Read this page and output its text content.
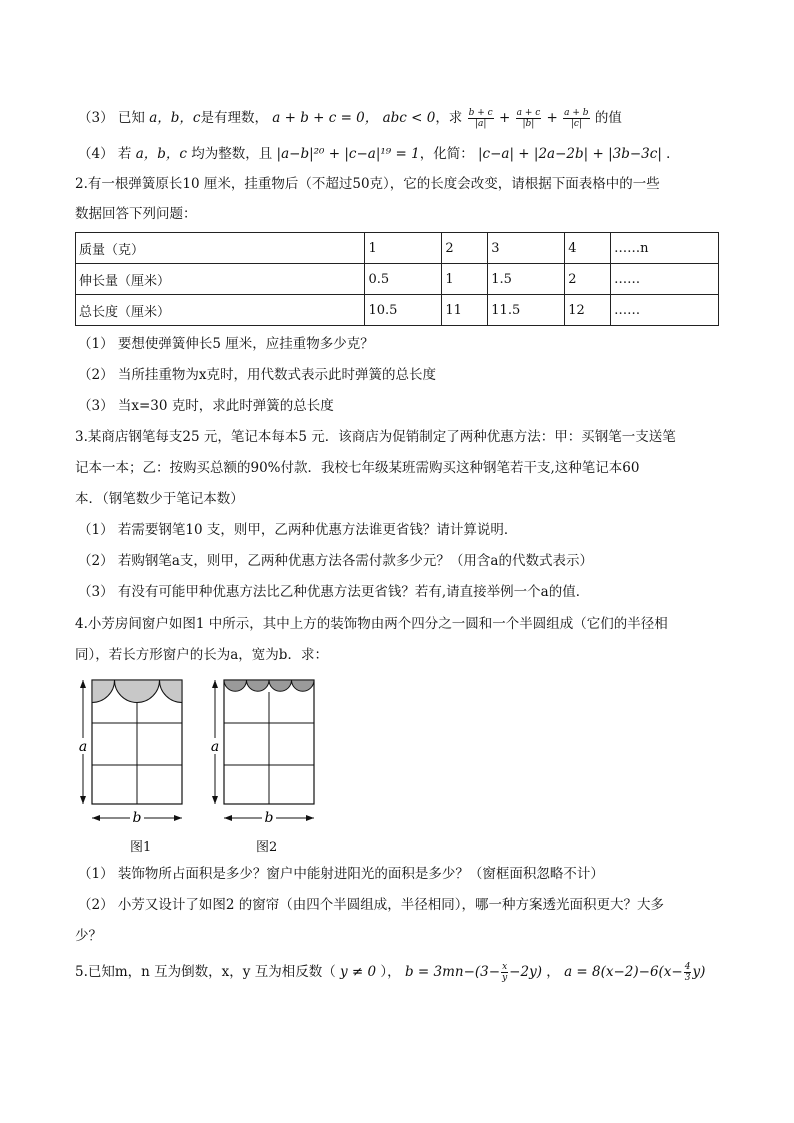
（3） 已知 a，b，c是有理数， a + b + c = 0， abc < 0，求 $\frac{b + c}{|a|} + \frac{a + c}{|b|} + \frac{a + b}{|c|}$ 的值
（4） 若 a，b，c 均为整数，且 |a−b|²⁰ + |c−a|¹⁹ = 1，化简： |c−a| + |2a−2b| + |3b−3c| ．
2.有一根弹簧原长10 厘米，挂重物后（不超过50克），它的长度会改变，请根据下面表格中的一些
数据回答下列问题：
质量（克）	1	2	3	4	……n
伸长量（厘米）	0.5	1	1.5	2	……
总长度（厘米）	10.5	11	11.5	12	……
（1） 要想使弹簧伸长5 厘米，应挂重物多少克？
（2） 当所挂重物为x克时，用代数式表示此时弹簧的总长度
（3） 当x=30 克时，求此时弹簧的总长度
3.某商店钢笔每支25 元，笔记本每本5 元．该商店为促销制定了两种优惠方法：甲：买钢笔一支送笔
记本一本；乙：按购买总额的90%付款．我校七年级某班需购买这种钢笔若干支,这种笔记本60
本．（钢笔数少于笔记本数）
（1） 若需要钢笔10 支，则甲，乙两种优惠方法谁更省钱？请计算说明．
（2） 若购钢笔a支，则甲，乙两种优惠方法各需付款多少元？（用含a的代数式表示）
（3） 有没有可能甲种优惠方法比乙种优惠方法更省钱？若有,请直接举例一个a的值．
4.小芳房间窗户如图1 中所示，其中上方的装饰物由两个四分之一圆和一个半圆组成（它们的半径相
同），若长方形窗户的长为a，宽为b．求：
a
b
图1
a
b
图2
（1） 装饰物所占面积是多少？窗户中能射进阳光的面积是多少？（窗框面积忽略不计）
（2） 小芳又设计了如图2 的窗帘（由四个半圆组成，半径相同），哪一种方案透光面积更大？大多
少？
5.已知m，n 互为倒数，x，y 互为相反数（ y ≠ 0 ）， $b = 3mn-(3- \frac{x}{y} -2y)$ ， $a = 8(x-2)-6(x- \frac{4}{3} y)$
